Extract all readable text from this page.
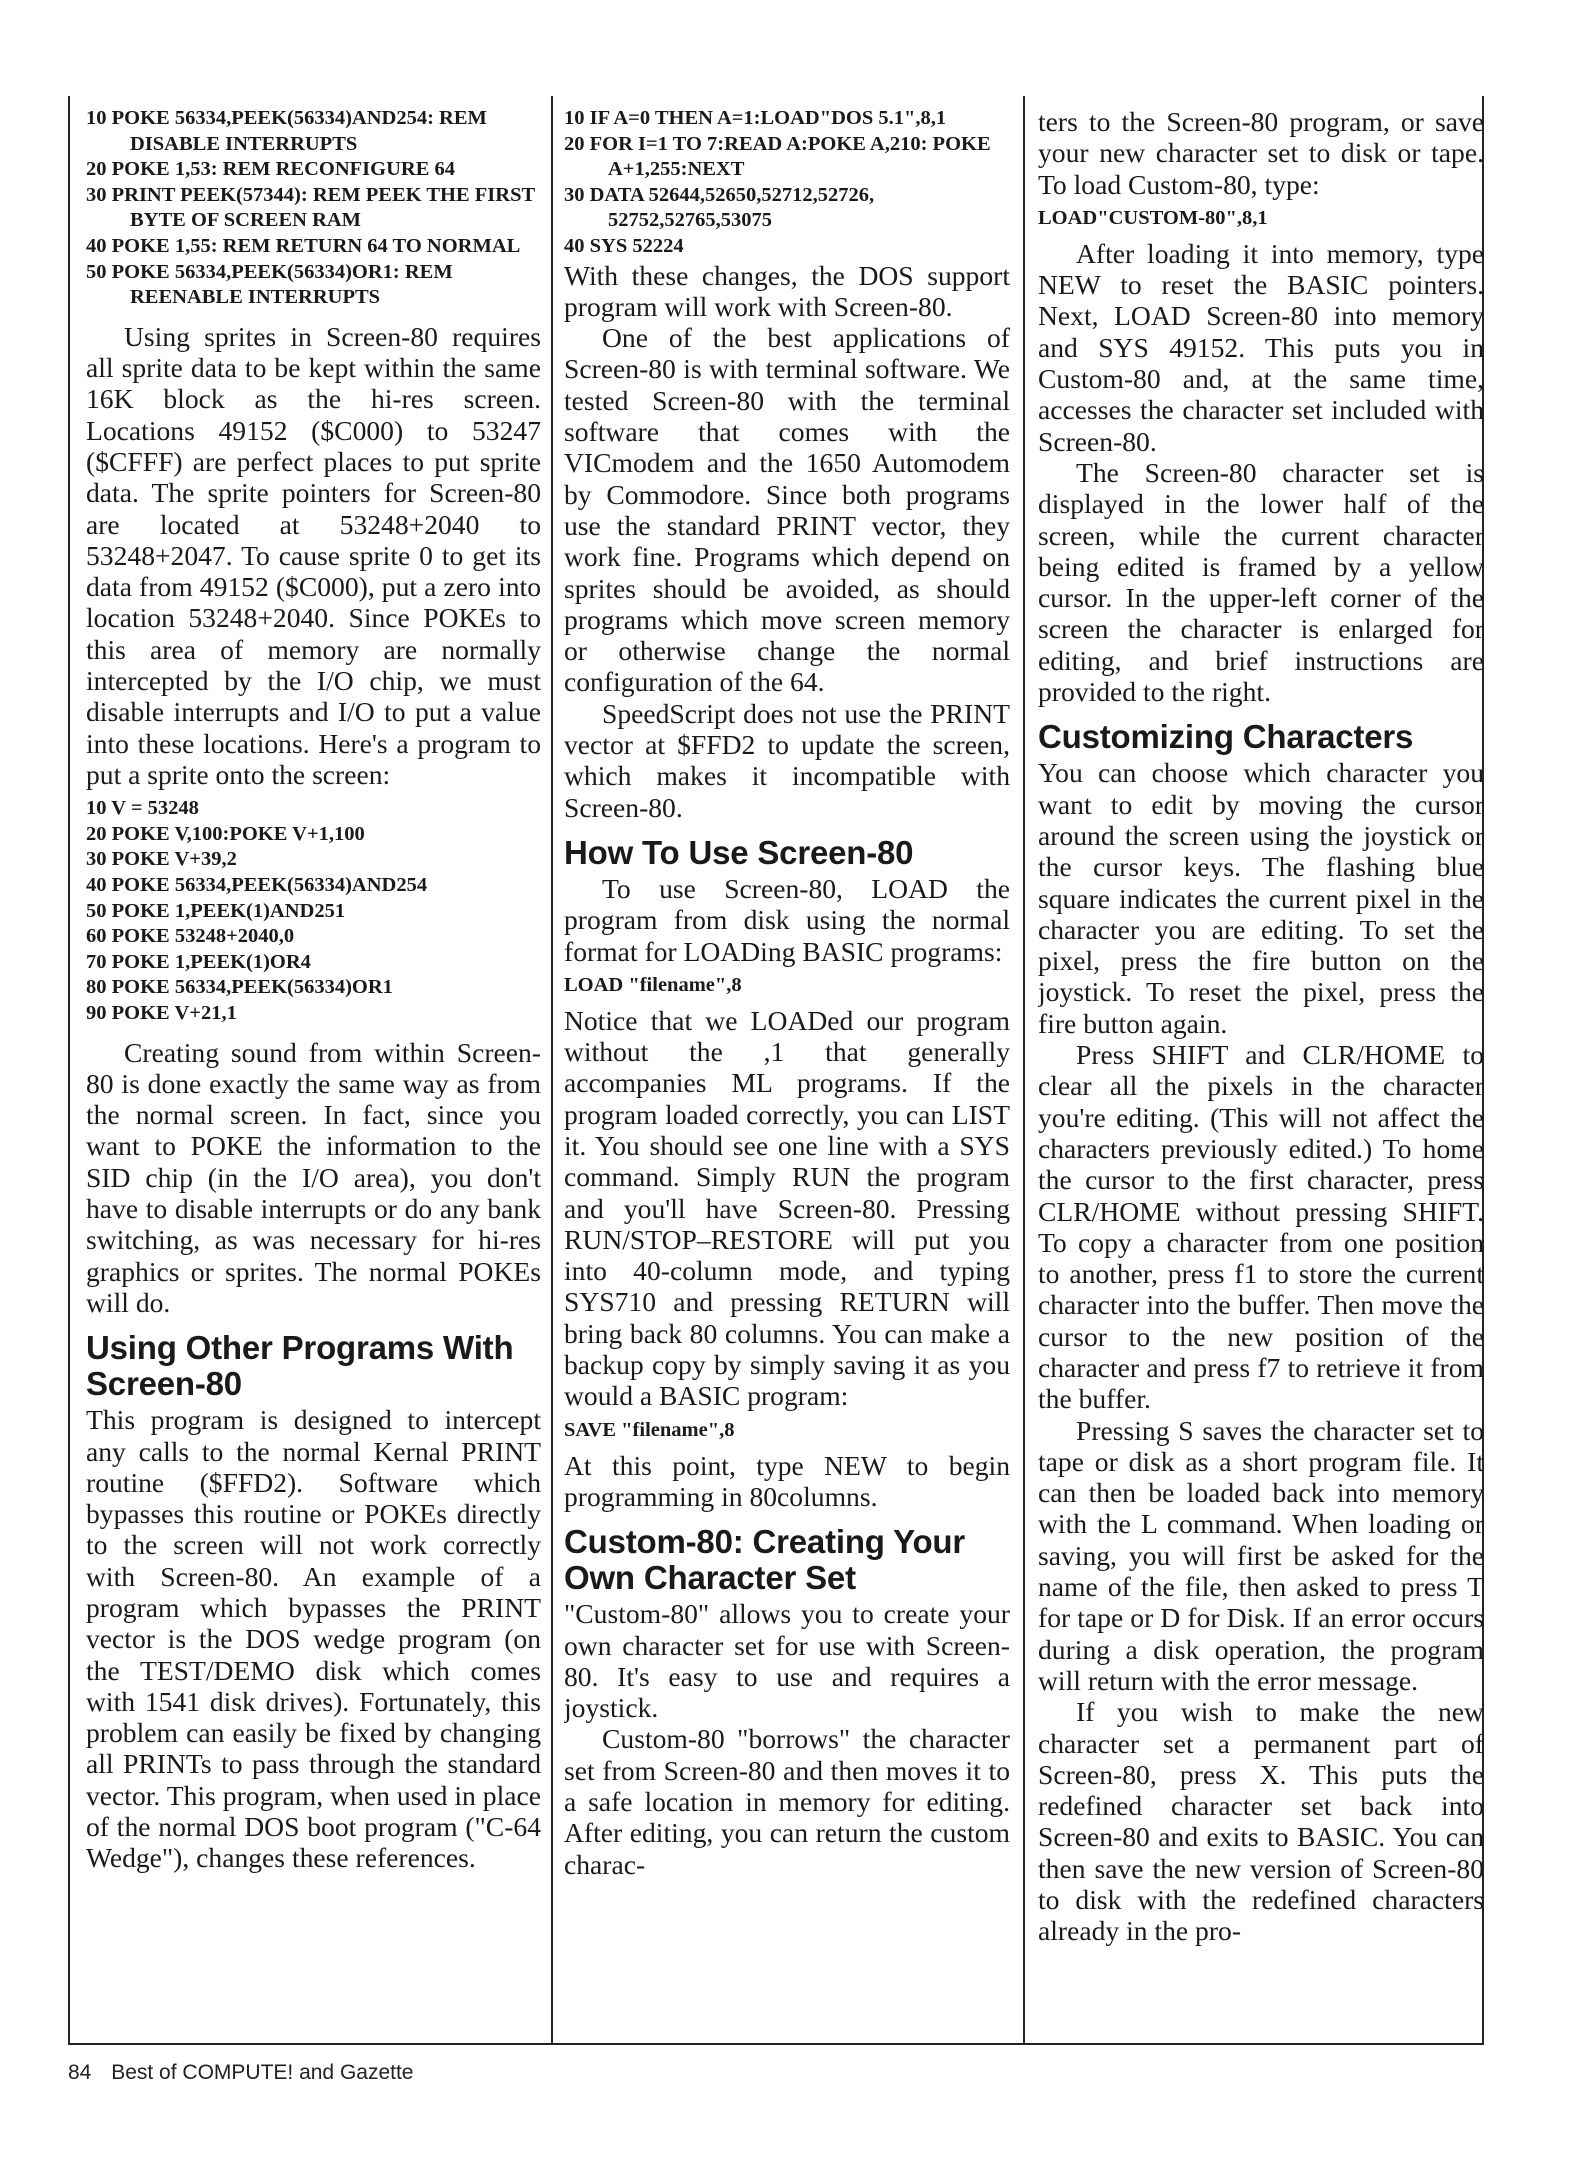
10 POKE 56334,PEEK(56334)AND254: REM DISABLE INTERRUPTS
20 POKE 1,53: REM RECONFIGURE 64
30 PRINT PEEK(57344): REM PEEK THE FIRST BYTE OF SCREEN RAM
40 POKE 1,55: REM RETURN 64 TO NORMAL
50 POKE 56334,PEEK(56334)OR1: REM REENABLE INTERRUPTS

Using sprites in Screen-80 requires all sprite data to be kept within the same 16K block as the hi-res screen. Locations 49152 ($C000) to 53247 ($CFFF) are perfect places to put sprite data. The sprite pointers for Screen-80 are located at 53248+2040 to 53248+2047. To cause sprite 0 to get its data from 49152 ($C000), put a zero into location 53248+2040. Since POKEs to this area of memory are normally intercepted by the I/O chip, we must disable interrupts and I/O to put a value into these locations. Here's a program to put a sprite onto the screen:

10 V = 53248
20 POKE V,100:POKE V+1,100
30 POKE V+39,2
40 POKE 56334,PEEK(56334)AND254
50 POKE 1,PEEK(1)AND251
60 POKE 53248+2040,0
70 POKE 1,PEEK(1)OR4
80 POKE 56334,PEEK(56334)OR1
90 POKE V+21,1

Creating sound from within Screen-80 is done exactly the same way as from the normal screen. In fact, since you want to POKE the information to the SID chip (in the I/O area), you don't have to disable interrupts or do any bank switching, as was necessary for hi-res graphics or sprites. The normal POKEs will do.

Using Other Programs With Screen-80

This program is designed to intercept any calls to the normal Kernal PRINT routine ($FFD2). Software which bypasses this routine or POKEs directly to the screen will not work correctly with Screen-80. An example of a program which bypasses the PRINT vector is the DOS wedge program (on the TEST/DEMO disk which comes with 1541 disk drives). Fortunately, this problem can easily be fixed by changing all PRINTs to pass through the standard vector. This program, when used in place of the normal DOS boot program ("C-64 Wedge"), changes these references.

10 IF A=0 THEN A=1:LOAD"DOS 5.1",8,1
20 FOR I=1 TO 7:READ A:POKE A,210: POKE A+1,255:NEXT
30 DATA 52644,52650,52712,52726, 52752,52765,53075
40 SYS 52224

With these changes, the DOS support program will work with Screen-80.

One of the best applications of Screen-80 is with terminal software. We tested Screen-80 with the terminal software that comes with the VICmodem and the 1650 Automodem by Commodore. Since both programs use the standard PRINT vector, they work fine. Programs which depend on sprites should be avoided, as should programs which move screen memory or otherwise change the normal configuration of the 64.

SpeedScript does not use the PRINT vector at $FFD2 to update the screen, which makes it incompatible with Screen-80.

How To Use Screen-80

To use Screen-80, LOAD the program from disk using the normal format for LOADing BASIC programs:

LOAD "filename",8

Notice that we LOADed our program without the ,1 that generally accompanies ML programs. If the program loaded correctly, you can LIST it. You should see one line with a SYS command. Simply RUN the program and you'll have Screen-80. Pressing RUN/STOP–RESTORE will put you into 40-column mode, and typing SYS710 and pressing RETURN will bring back 80 columns. You can make a backup copy by simply saving it as you would a BASIC program:

SAVE "filename",8

At this point, type NEW to begin programming in 80columns.

Custom-80: Creating Your Own Character Set

"Custom-80" allows you to create your own character set for use with Screen-80. It's easy to use and requires a joystick.

Custom-80 "borrows" the character set from Screen-80 and then moves it to a safe location in memory for editing. After editing, you can return the custom charac-

ters to the Screen-80 program, or save your new character set to disk or tape. To load Custom-80, type:

LOAD"CUSTOM-80",8,1

After loading it into memory, type NEW to reset the BASIC pointers. Next, LOAD Screen-80 into memory and SYS 49152. This puts you in Custom-80 and, at the same time, accesses the character set included with Screen-80.

The Screen-80 character set is displayed in the lower half of the screen, while the current character being edited is framed by a yellow cursor. In the upper-left corner of the screen the character is enlarged for editing, and brief instructions are provided to the right.

Customizing Characters

You can choose which character you want to edit by moving the cursor around the screen using the joystick or the cursor keys. The flashing blue square indicates the current pixel in the character you are editing. To set the pixel, press the fire button on the joystick. To reset the pixel, press the fire button again.

Press SHIFT and CLR/HOME to clear all the pixels in the character you're editing. (This will not affect the characters previously edited.) To home the cursor to the first character, press CLR/HOME without pressing SHIFT. To copy a character from one position to another, press f1 to store the current character into the buffer. Then move the cursor to the new position of the character and press f7 to retrieve it from the buffer.

Pressing S saves the character set to tape or disk as a short program file. It can then be loaded back into memory with the L command. When loading or saving, you will first be asked for the name of the file, then asked to press T for tape or D for Disk. If an error occurs during a disk operation, the program will return with the error message.

If you wish to make the new character set a permanent part of Screen-80, press X. This puts the redefined character set back into Screen-80 and exits to BASIC. You can then save the new version of Screen-80 to disk with the redefined characters already in the pro-

84 Best of COMPUTE! and Gazette
